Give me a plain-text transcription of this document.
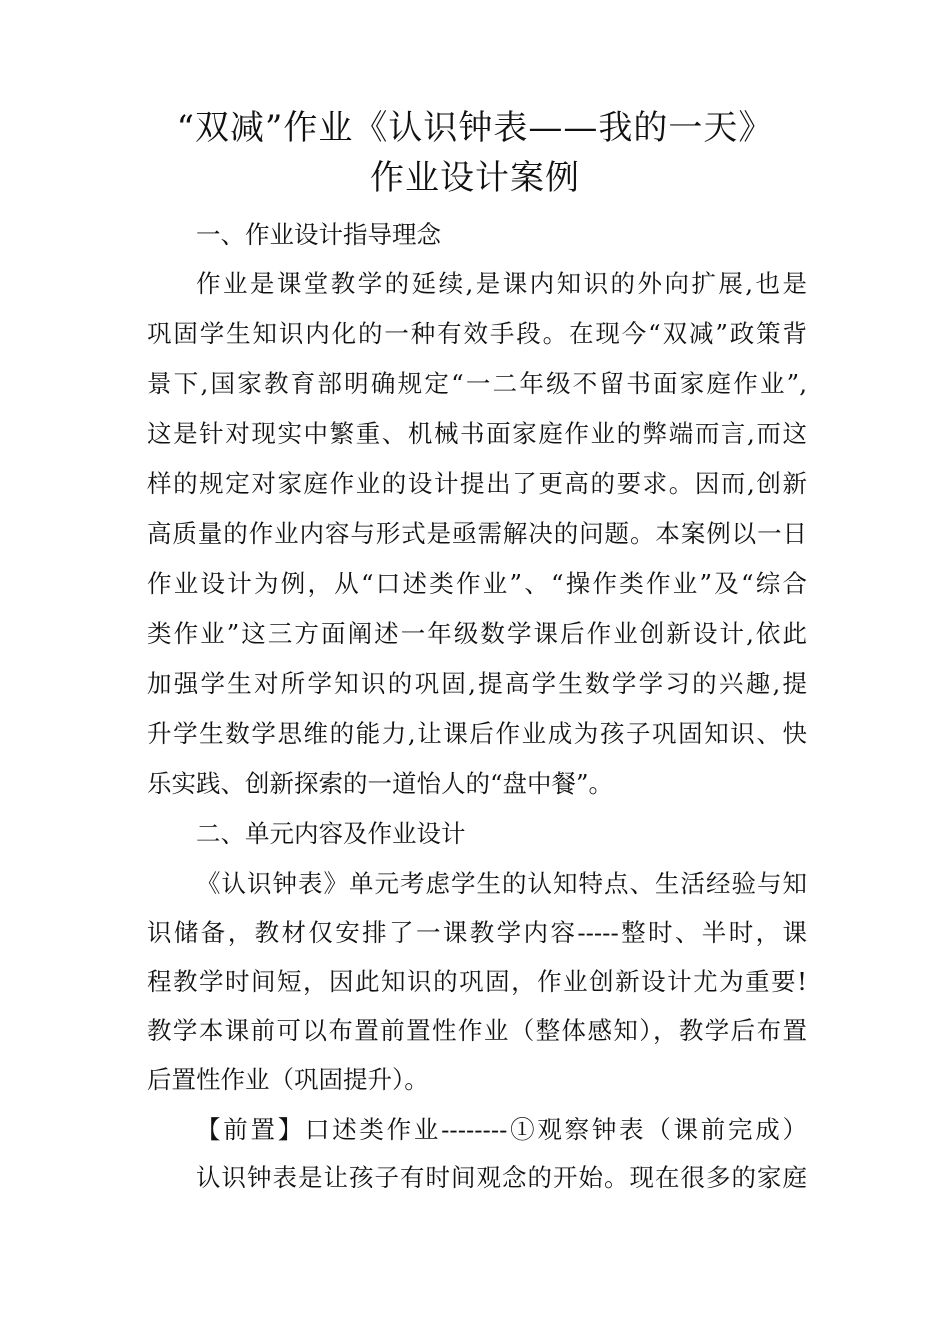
“双减”作业《认识钟表——我的一天》
作业设计案例
一、作业设计指导理念
作业是课堂教学的延续,是课内知识的外向扩展,也是
巩固学生知识内化的一种有效手段。在现今“双减”政策背
景下,国家教育部明确规定“一二年级不留书面家庭作业”,
这是针对现实中繁重、机械书面家庭作业的弊端而言,而这
样的规定对家庭作业的设计提出了更高的要求。因而,创新
高质量的作业内容与形式是亟需解决的问题。本案例以一日
作业设计为例，从“口述类作业”、“操作类作业”及“综合
类作业”这三方面阐述一年级数学课后作业创新设计,依此
加强学生对所学知识的巩固,提高学生数学学习的兴趣,提
升学生数学思维的能力,让课后作业成为孩子巩固知识、快
乐实践、创新探索的一道怡人的“盘中餐”。
二、单元内容及作业设计
《认识钟表》单元考虑学生的认知特点、生活经验与知
识储备，教材仅安排了一课教学内容-----整时、半时，课
程教学时间短，因此知识的巩固，作业创新设计尤为重要!
教学本课前可以布置前置性作业（整体感知），教学后布置
后置性作业（巩固提升）。
【前置】口述类作业--------①观察钟表（课前完成）
认识钟表是让孩子有时间观念的开始。现在很多的家庭
